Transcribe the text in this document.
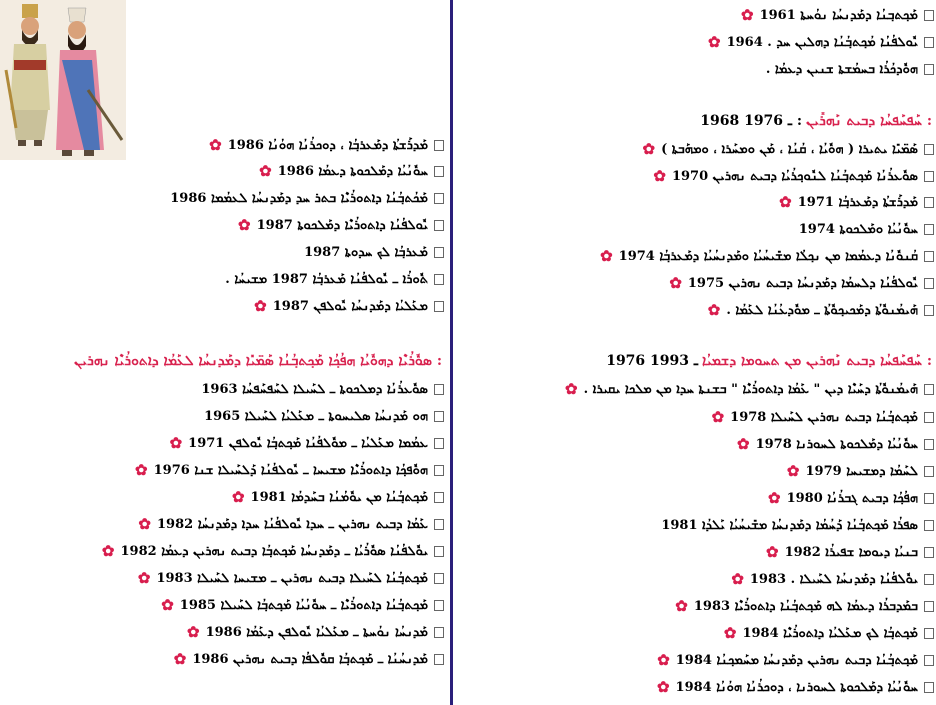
ܡܰܟ݂ܬܒ݂ܢܳܐ ܕܡܰܕܢܚܳܐ ܢܘܳܚܬܐ 1961
✿
ܝܽܘܠܦܳܢܳܐ ܡܳܟ݂ܬܒ݂ܳܢܳܐ ܕܗܠܝܢ ܚܕ . 1964
✿
ܗܘܽܕܟܳܪܳܐ ܒܚܡܳܫܬܐ ܫܢܝܢ ܕܥܡܳܐ .
1968 ـ 1976 : ܚܰܦܚܰܦܚܳܐ ܕܒܝܬ ܢܰܗܪܺܝܢ :
ܣܰܡ̈ܝܺܐ ܝܬܝܪܐ ( ܗܘܽܝܳܐ ، ܩܳܢܳܐ ، ܡܰܢ ܘܡܚܰܪܐ ، ܘܡܗܰܒܬܐ )
✿
ܣܘܽܥܪܳܢܳܐ ܡܰܟ݂ܬܒ݂ܳܢܳܐ ܠܢܽܘܟ݂ܪܳܝܳܐ ܕܒܝܬ ܢܗܪܝܢ 1970
✿
ܡܰܕܪܰܫܬܳܐ ܕܡܰܥܪܒ݂ܳܐ 1971
✿
ܚܘܽܢܳܝܳܐ ܘܡܰܠܟܘܬܐ 1974
ܩܳܢܘܽܢܳܐ ܕܥܡܳܡܐ ܡܢ ܢܟ݂ܠܳܐ ܡܫܺܝܚܳܝܳܐ ܘܡܰܕܢܚܳܝܳܐ ܕܡܰܥܪܒ݂ܳܐ 1974
✿
ܝܽܘܠܦܳܢܳܐ ܕܠܚܡܳܐ ܕܡܰܕܢܚܳܐ ܕܒܝܬ ܢܗܪܝܢ 1975
✿
ܗܰܝܡܳܢܘܽܬܳܐ ܕܡܰܟܝܟ݂ܘܽܬܳܐ ـ ܡܘܽܕܥܳܢܳܐ ܠܥܰܡܳܐ .
✿
1976 ـ 1993 ܚܰܦܚܰܦܚܳܐ ܕܒܝܬ ܢܰܗܪܝܢ ܡܢ ܬܚܘܡܐ ܕܫܡܝܳܐ :
ܗܰܝܡܳܢܘܽܬܳܐ ܕܚܰܝܶܐ ܕܝܢ " ܥܰܡܳܐ ܕܐܬܘܪܳܝܶܐ " ܒܫܢܬܐ ܚܕܐ ܡܢ ܡܠܟܐ ܝܩܝܪܐ .
✿
ܡܰܟ݂ܬܒ݂ܳܢܳܐ ܕܒܝܬ ܢܗܪܝܢ ܠܚܰܝܠܐ 1978
✿
ܚܘܽܢܳܝܳܐ ܕܡܰܠܟܘܬܐ ܠܚܘܪܢܐ 1978
✿
ܠܚܰܡܳܐ ܕܡܫܝܚܐ 1979
✿
ܗܦܳܟ݂ܳܐ ܕܒܝܬ ܓܒܪܳܢܳܐ 1980
✿
ܣܦܪܳܐ ܡܰܟ݂ܬܒ݂ܳܢܳܐ ܕܰܚܳܡܳܐ ܕܡܰܕܢܚܳܐ ܡܫܺܝܚܳܝܳܐ ܝܰܠܕܳܐ 1981
ܒܢܝܳܐ ܕܝܘܡܐ ܫܦܝܪܳܐ 1982
✿
ܝܘܽܠܦܳܢܳܐ ܕܡܰܕܢܚܳܐ ܠܚܰܝܠܐ . 1983
✿
ܒܡܰܕܒܪܳܐ ܕܥܡܳܐ ܠܗ ܡܰܟ݂ܬܒ݂ܳܢܳܐ ܕܐܬܘܪܳܝܶܐ 1983
✿
ܡܰܟ݂ܬܒ݂ܳܐ ܠܟ ܡܥܰܠܝܳܐ ܕܐܬܘܪܳܝܶܐ 1984
✿
ܡܰܟ݂ܬܒ݂ܳܢܳܐ ܕܒܝܬ ܢܗܪܝܢ ܕܡܰܕܢܚܳܐ ܡܚܰܡܟ݂ܢܳܐ 1984
✿
ܚܘܽܢܳܝܳܐ ܕܡܰܠܟܘܬܐ ܠܚܘܪܢܐ ، ܕܘܟܪܳܢܳܐ ܗܘܳܢܳܐ 1984
✿
ܡܰܕܪܰܫܬܳܐ ܕܡܰܥܪܒ݂ܳܐ ، ܕܘܟܪܳܢܳܐ ܗܘܳܢܳܐ 1986
✿
ܚܘܽܢܳܝܳܐ ܕܡܰܠܟܘܬܐ ܕܥܡܳܐ 1986
✿
ܡܰܟܳܬܒ݂ܳܢܳܐ ܕܐܬܘܪܳܝܶܐ ܒܬܪ ܚܕ ܕܡܰܕܢܚܳܐ ܠܥܡܳܡܐ 1986
ܝܽܘܠܦܳܢܳܐ ܕܐܬܘܪܳܝܶܐ ܕܡܰܠܟܘܬܐ 1987
✿
ܡܰܥܪܒ݂ܳܐ ܠܟ ܚܕܘܬܐ 1987
ܬܽܘܪܳܐ ـ ܝܽܘܠܦܳܢܳܐ ܡܰܥܪܒ݂ܳܐ 1987 ܡܫܝܚܳܐ .
ܡܥܰܠܝܳܐ ܕܡܰܕܢܚܳܐ ܝܽܘܠܦܢ 1987
✿
ܣܘܽܪܳܝܶܐ ܕܗܘܽܝܳܐ ܗܦܳܟ݂ܳܐ ܡܰܟ݂ܬܒ݂ܳܢܳܐ ܣܰܡ̈ܝܺܐ ܕܡܰܕܢܚܳܐ ܠܥܰܡܳܐ ܕܐܬܘܪܳܝܶܐ ܢܗܪܝܢ :
ܣܘܽܥܪܳܢܳܐ ܕܡܠܟܘܬܐ ـ ܠܚܰܝܠܐ ܠܚܰܦܚܰܦܚܳܐ 1963
ܗܘ ܡܰܕܢܚܳܐ ܣܠܝܚܘܬܐ ـ ܡܥܰܠܝܳܐ ܠܚܰܝܠܐ 1965
ܥܡܳܡܐ ܡܥܰܠܝܳܐ ـ ܡܘܽܠܦܳܢܳܐ ܡܰܟ݂ܬܒ݂ܳܐ ܝܽܘܠܦܢ 1971
✿
ܗܘܽܦܟ݂ܳܐ ܕܐܬܘܪܳܝܶܐ ܡܫܝܚܐ ـ ܝܽܘܠܦܳܢܳܐ ܕܰܠܚܰܝܠܐ ܫܢܐ 1976
✿
ܡܰܟ݂ܬܒ݂ܳܢܳܐ ܡܢ ܝܘܽܡܳܢܳܐ ܒܚܰܕܡܳܐ 1981
✿
ܥܰܡܳܐ ܕܒܝܬ ܢܗܪܝܢ ـ ܚܕܐ ܝܽܘܠܦܳܢܳܐ ܚܕܐ ܕܡܰܕܢܚܳܐ 1982
✿
ܝܘܽܠܦܳܢܳܐ ܣܘܽܪܳܝܳܐ ـ ܕܡܰܕܢܚܳܐ ܡܰܟ݂ܬܒ݂ܳܐ ܕܒܝܬ ܢܗܪܝܢ ܕܥܡܳܐ 1982
✿
ܡܰܟ݂ܬܒ݂ܳܢܳܐ ܠܚܰܝܠܐ ܕܒܝܬ ܢܗܪܝܢ ـ ܡܫܝܚܐ ܠܚܰܝܠܐ 1983
✿
ܡܰܟ݂ܬܒ݂ܳܢܳܐ ܕܐܬܘܪܳܝܶܐ ـ ܚܘܽܢܳܝܳܐ ܡܰܟ݂ܬܒ݂ܳܐ ܠܚܰܝܠܐ 1985
✿
ܡܰܕܢܚܳܐ ܢܘܳܚܬܐ ـ ܡܥܰܠܝܳܐ ܝܽܘܠܦܢ ܕܥܰܡܳܐ 1986
✿
ܡܰܕܢܚܳܢܳܐ ـ ܡܰܟ݂ܬܒ݂ܳܐ ܩܘܽܠܦܳܐ ܕܒܝܬ ܢܗܪܝܢ 1986
✿
